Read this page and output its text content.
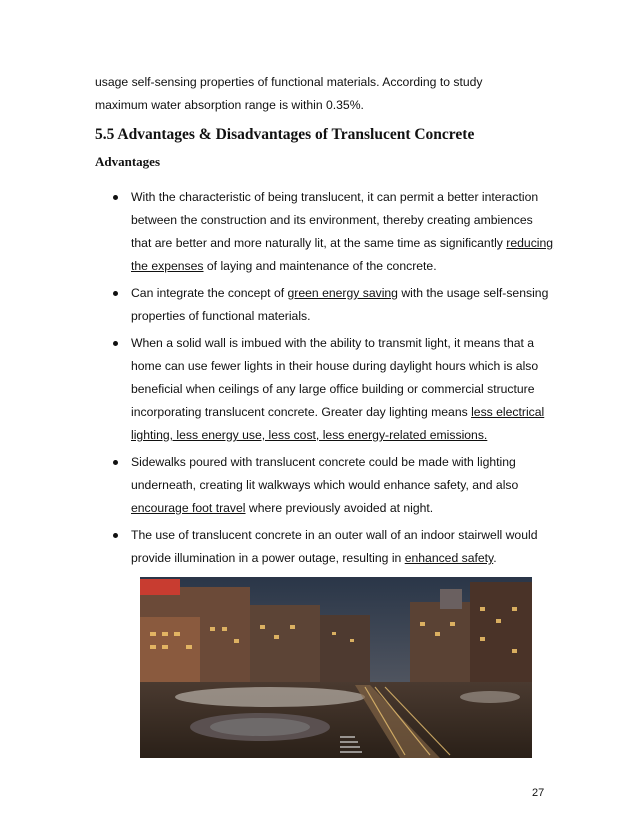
usage self-sensing properties of functional materials. According to study
maximum water absorption range is within 0.35%.

5.5 Advantages & Disadvantages of Translucent Concrete
Advantages
With the characteristic of being translucent, it can permit a better interaction between the construction and its environment, thereby creating ambiences that are better and more naturally lit, at the same time as significantly reducing the expenses of laying and maintenance of the concrete.
Can integrate the concept of green energy saving with the usage self-sensing properties of functional materials.
When a solid wall is imbued with the ability to transmit light, it means that a home can use fewer lights in their house during daylight hours which is also beneficial when ceilings of any large office building or commercial structure incorporating translucent concrete. Greater day lighting means less electrical lighting, less energy use, less cost, less energy-related emissions.
Sidewalks poured with translucent concrete could be made with lighting underneath, creating lit walkways which would enhance safety, and also encourage foot travel where previously avoided at night.
The use of translucent concrete in an outer wall of an indoor stairwell would provide illumination in a power outage, resulting in enhanced safety.

27
